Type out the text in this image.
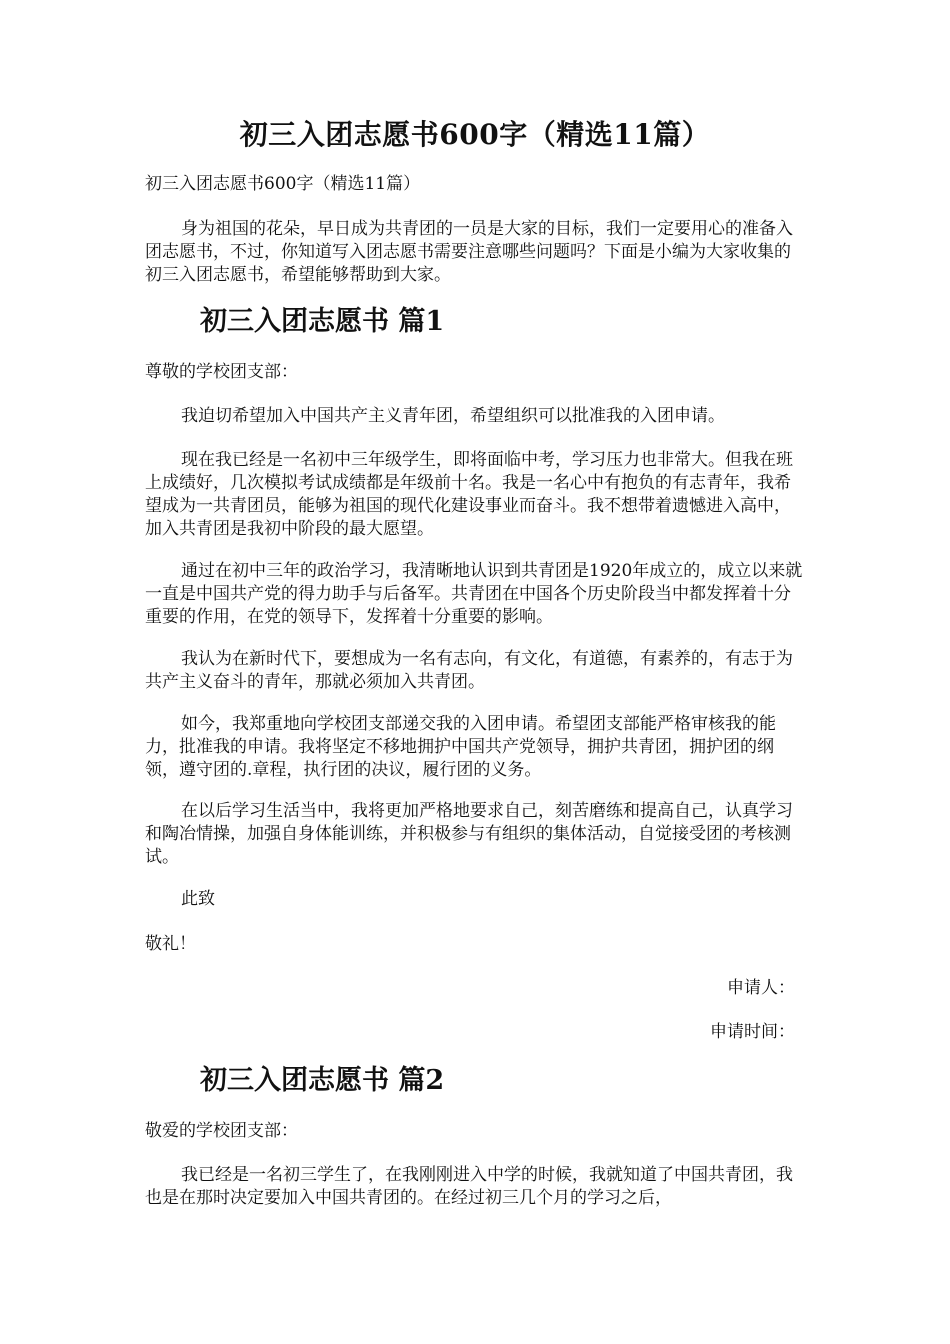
初三入团志愿书600字（精选11篇）
初三入团志愿书600字（精选11篇）
身为祖国的花朵，早日成为共青团的一员是大家的目标，我们一定要用心的准备入团志愿书，不过，你知道写入团志愿书需要注意哪些问题吗？下面是小编为大家收集的初三入团志愿书，希望能够帮助到大家。
初三入团志愿书 篇1
尊敬的学校团支部：
我迫切希望加入中国共产主义青年团，希望组织可以批准我的入团申请。
现在我已经是一名初中三年级学生，即将面临中考，学习压力也非常大。但我在班上成绩好，几次模拟考试成绩都是年级前十名。我是一名心中有抱负的有志青年，我希望成为一共青团员，能够为祖国的现代化建设事业而奋斗。我不想带着遗憾进入高中，加入共青团是我初中阶段的最大愿望。
通过在初中三年的政治学习，我清晰地认识到共青团是1920年成立的，成立以来就一直是中国共产党的得力助手与后备军。共青团在中国各个历史阶段当中都发挥着十分重要的作用，在党的领导下，发挥着十分重要的影响。
我认为在新时代下，要想成为一名有志向，有文化，有道德，有素养的，有志于为共产主义奋斗的青年，那就必须加入共青团。
如今，我郑重地向学校团支部递交我的入团申请。希望团支部能严格审核我的能力，批准我的申请。我将坚定不移地拥护中国共产党领导，拥护共青团，拥护团的纲领，遵守团的.章程，执行团的决议，履行团的义务。
在以后学习生活当中，我将更加严格地要求自己，刻苦磨练和提高自己，认真学习和陶冶情操，加强自身体能训练，并积极参与有组织的集体活动，自觉接受团的考核测试。
此致
敬礼！
申请人：
申请时间：
初三入团志愿书 篇2
敬爱的学校团支部：
我已经是一名初三学生了，在我刚刚进入中学的时候，我就知道了中国共青团，我也是在那时决定要加入中国共青团的。在经过初三几个月的学习之后，
